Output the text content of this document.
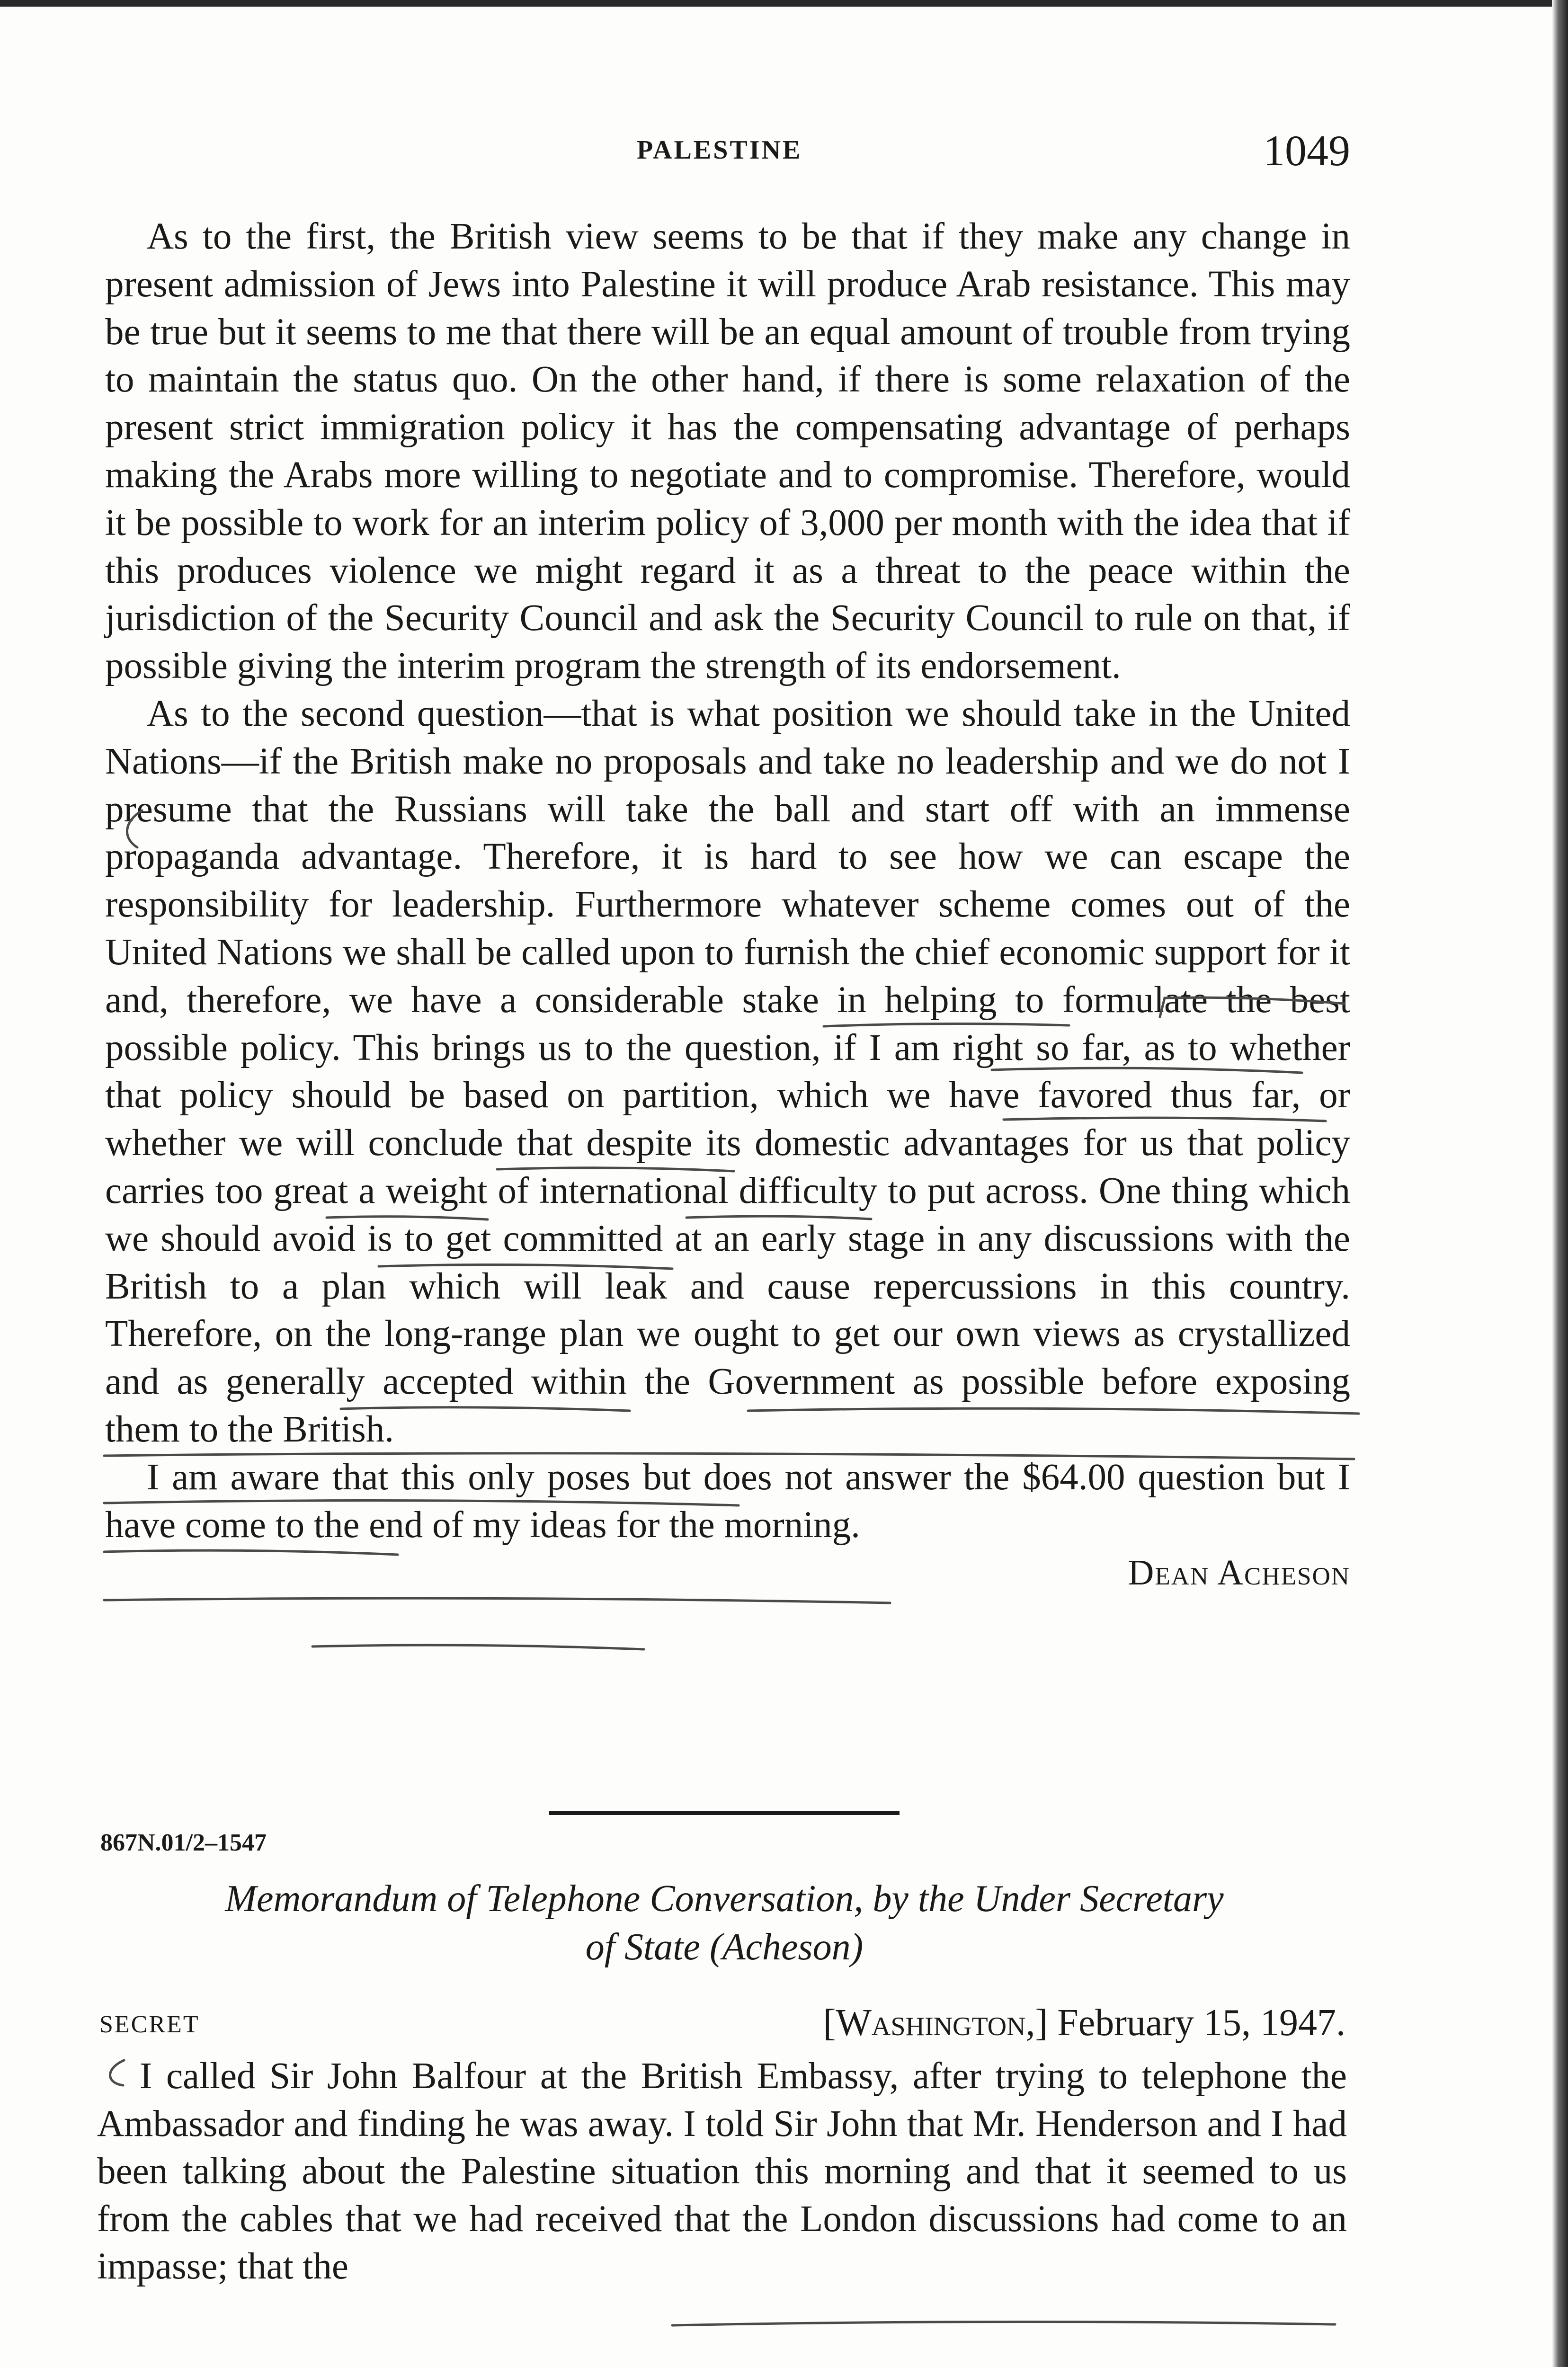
PALESTINE	1049

As to the first, the British view seems to be that if they make any change in present admission of Jews into Palestine it will produce Arab resistance. This may be true but it seems to me that there will be an equal amount of trouble from trying to maintain the status quo. On the other hand, if there is some relaxation of the present strict immigration policy it has the compensating advantage of perhaps making the Arabs more willing to negotiate and to compromise. Therefore, would it be possible to work for an interim policy of 3,000 per month with the idea that if this produces violence we might regard it as a threat to the peace within the jurisdiction of the Security Council and ask the Security Council to rule on that, if possible giving the interim program the strength of its endorsement.

As to the second question—that is what position we should take in the United Nations—if the British make no proposals and take no leadership and we do not I presume that the Russians will take the ball and start off with an immense propaganda advantage. Therefore, it is hard to see how we can escape the responsibility for leadership. Furthermore whatever scheme comes out of the United Nations we shall be called upon to furnish the chief economic support for it and, therefore, we have a considerable stake in helping to formulate the best possible policy. This brings us to the question, if I am right so far, as to whether that policy should be based on partition, which we have favored thus far, or whether we will conclude that despite its domestic advantages for us that policy carries too great a weight of international difficulty to put across. One thing which we should avoid is to get committed at an early stage in any discussions with the British to a plan which will leak and cause repercussions in this country. Therefore, on the long-range plan we ought to get our own views as crystallized and as generally accepted within the Government as possible before exposing them to the British.

I am aware that this only poses but does not answer the $64.00 question but I have come to the end of my ideas for the morning.

Dean Acheson
867N.01/2–1547
Memorandum of Telephone Conversation, by the Under Secretary
of State (Acheson)
SECRET	[Washington,] February 15, 1947.

I called Sir John Balfour at the British Embassy, after trying to telephone the Ambassador and finding he was away. I told Sir John that Mr. Henderson and I had been talking about the Palestine situation this morning and that it seemed to us from the cables that we had received that the London discussions had come to an impasse; that the
